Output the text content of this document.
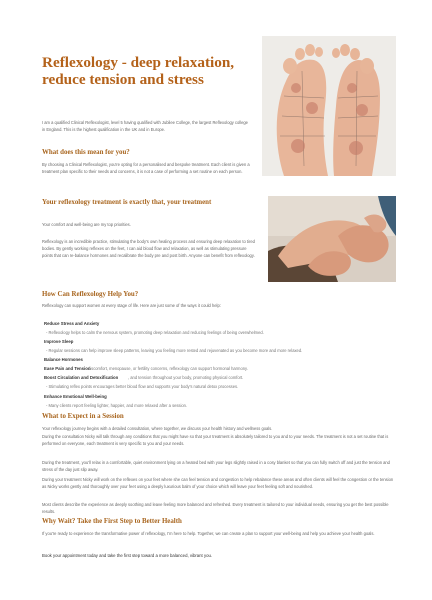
Reflexology - deep relaxation, reduce tension and stress

I am a qualified Clinical Reflexologist, level 5 having qualified with Jubilee College, the largest Reflexology college in England. This is the highest qualification in the UK and in Europe.

What does this mean for you?

By choosing a Clinical Reflexologist, you're opting for a personalised and bespoke treatment. Each client is given a treatment plan specific to their needs and concerns, it is not a case of performing a set routine on each person.

Your reflexology treatment is exactly that, your treatment

Your comfort and well-being are my top priorities.

Reflexology is an incredible practice, stimulating the body's own healing process and ensuring deep relaxation to tired bodies. By gently working reflexes on the feet, I can aid blood flow and relaxation, as well as stimulating pressure points that can re-balance hormones and recalibrate the body pre and post birth. Anyone can benefit from reflexology.

How Can Reflexology Help You?

Reflexology can support women at every stage of life. Here are just some of the ways it could help:

Reduce Stress and Anxiety

- Reflexology helps to calm the nervous system, promoting deep relaxation and reducing feelings of being overwhelmed.

Improve Sleep

- Regular sessions can help improve sleep patterns, leaving you feeling more rested and rejuvenated as you become more and more relaxed.

Balance Hormones

Ease Pain and Tension

discomfort, menopause, or fertility concerns, reflexology can support hormonal harmony.

Boost Circulation and Detoxification , and tension throughout your body, promoting physical comfort.

- Stimulating reflex points encourages better blood flow and supports your body's natural detox processes.

Enhance Emotional Well-being

- Many clients report feeling lighter, happier, and more relaxed after a session.

What to Expect in a Session

Your reflexology journey begins with a detailed consultation, where together, we discuss your health history and wellness goals.

During the consultation Nicky will talk through any conditions that you might have so that your treatment is absolutely tailored to you and to your needs. The treatment is not a set routine that is performed on everyone, each treatment is very specific to you and your needs.

During the treatment, you'll relax in a comfortable, quiet environment lying on a heated bed with your legs slightly raised in a cosy blanket so that you can fully switch off and just the tension and stress of the day just slip away.

During your treatment Nicky will work on the reflexes on your feet where she can feel tension and congestion to help rebalance these areas and often clients will feel the congestion or the tension as Nicky works gently and thoroughly over your feet using a deeply luxurious balm of your choice which will leave your feet feeling soft and nourished.

Most clients describe the experience as deeply soothing and leave feeling more balanced and refreshed. Every treatment is tailored to your individual needs, ensuring you get the best possible results.

Why Wait? Take the First Step to Better Health

If you're ready to experience the transformative power of reflexology, I'm here to help. Together, we can create a plan to support your well-being and help you achieve your health goals.

Book your appointment today and take the first step toward a more balanced, vibrant you.
